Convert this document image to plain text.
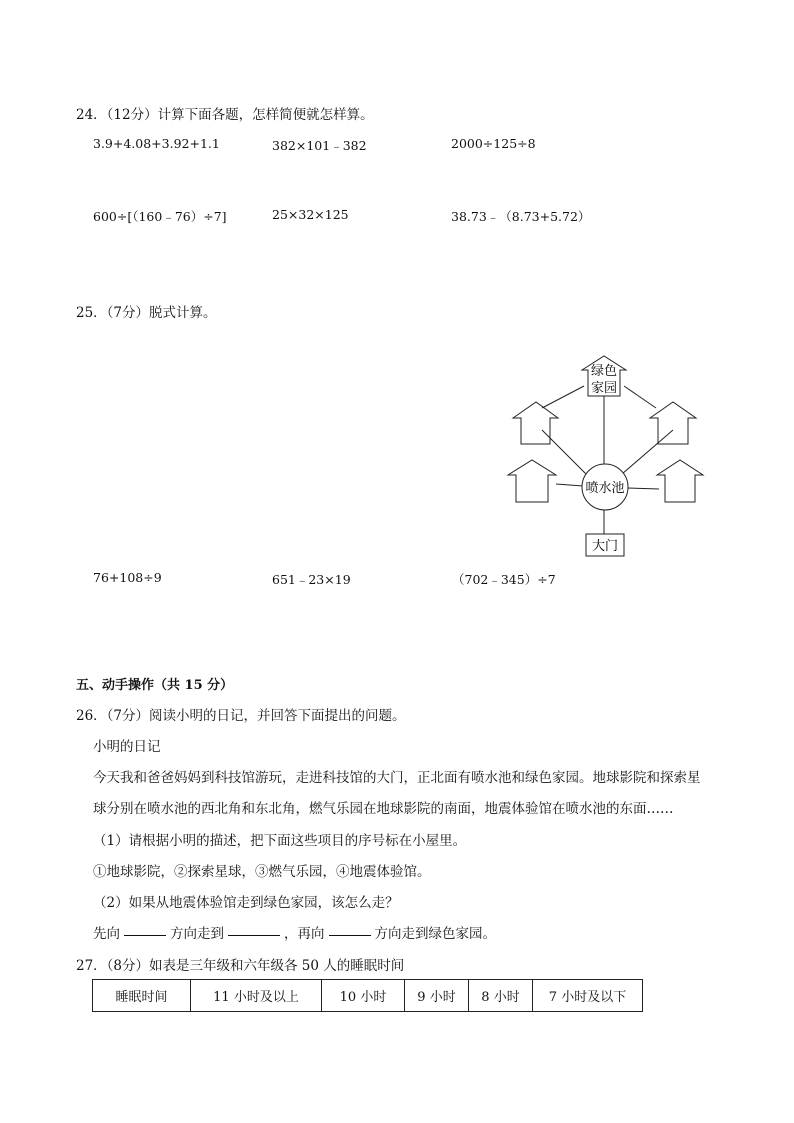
24．（12分）计算下面各题，怎样简便就怎样算。
3.9+4.08+3.92+1.1	382×101﹣382	2000÷125÷8
600÷[（160﹣76）÷7]	25×32×125	38.73﹣（8.73+5.72）
25．（7分）脱式计算。
绿色
家园
喷水池
大门
76+108÷9	651﹣23×19	（702﹣345）÷7
五、动手操作（共 15 分）
26．（7分）阅读小明的日记，并回答下面提出的问题。
小明的日记
今天我和爸爸妈妈到科技馆游玩，走进科技馆的大门，正北面有喷水池和绿色家园。地球影院和探索星
球分别在喷水池的西北角和东北角，燃气乐园在地球影院的南面，地震体验馆在喷水池的东面……
（1）请根据小明的描述，把下面这些项目的序号标在小屋里。
①地球影院，②探索星球，③燃气乐园，④地震体验馆。
（2）如果从地震体验馆走到绿色家园，该怎么走？
先向	方向走到	，再向	方向走到绿色家园。
27．（8分）如表是三年级和六年级各 50 人的睡眠时间
睡眠时间	11 小时及以上	10 小时	9 小时	8 小时	7 小时及以下
